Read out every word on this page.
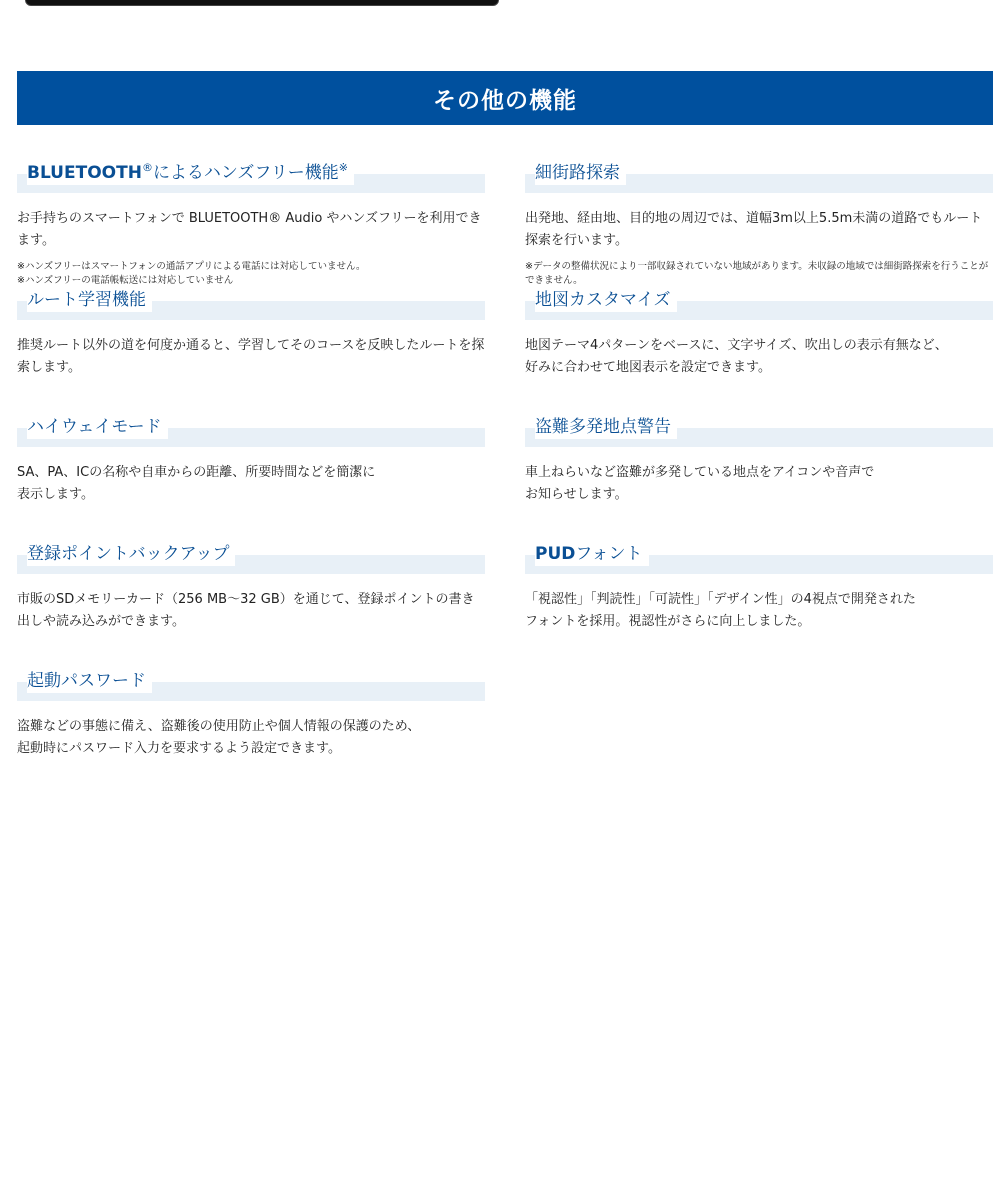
その他の機能
BLUETOOTH®によるハンズフリー機能※

お手持ちのスマートフォンで BLUETOOTH® Audio やハンズフリーを利用できます。

※ハンズフリーはスマートフォンの通話アプリによる電話には対応していません。
※ハンズフリーの電話帳転送には対応していません

細街路探索

出発地、経由地、目的地の周辺では、道幅3m以上5.5m未満の道路でもルート探索を行います。

※データの整備状況により一部収録されていない地域があります。未収録の地域では細街路探索を行うことができません。

ルート学習機能

推奨ルート以外の道を何度か通ると、学習してそのコースを反映したルートを探索します。

地図カスタマイズ

地図テーマ4パターンをベースに、文字サイズ、吹出しの表示有無など、
好みに合わせて地図表示を設定できます。

ハイウェイモード

SA、PA、ICの名称や自車からの距離、所要時間などを簡潔に
表示します。

盗難多発地点警告

車上ねらいなど盗難が多発している地点をアイコンや音声で
お知らせします。

登録ポイントバックアップ

市販のSDメモリーカード（256 MB～32 GB）を通じて、登録ポイントの書き出しや読み込みができます。

PUDフォント

「視認性」「判読性」「可読性」「デザイン性」の4視点で開発された
フォントを採用。視認性がさらに向上しました。

起動パスワード

盗難などの事態に備え、盗難後の使用防止や個人情報の保護のため、
起動時にパスワード入力を要求するよう設定できます。
